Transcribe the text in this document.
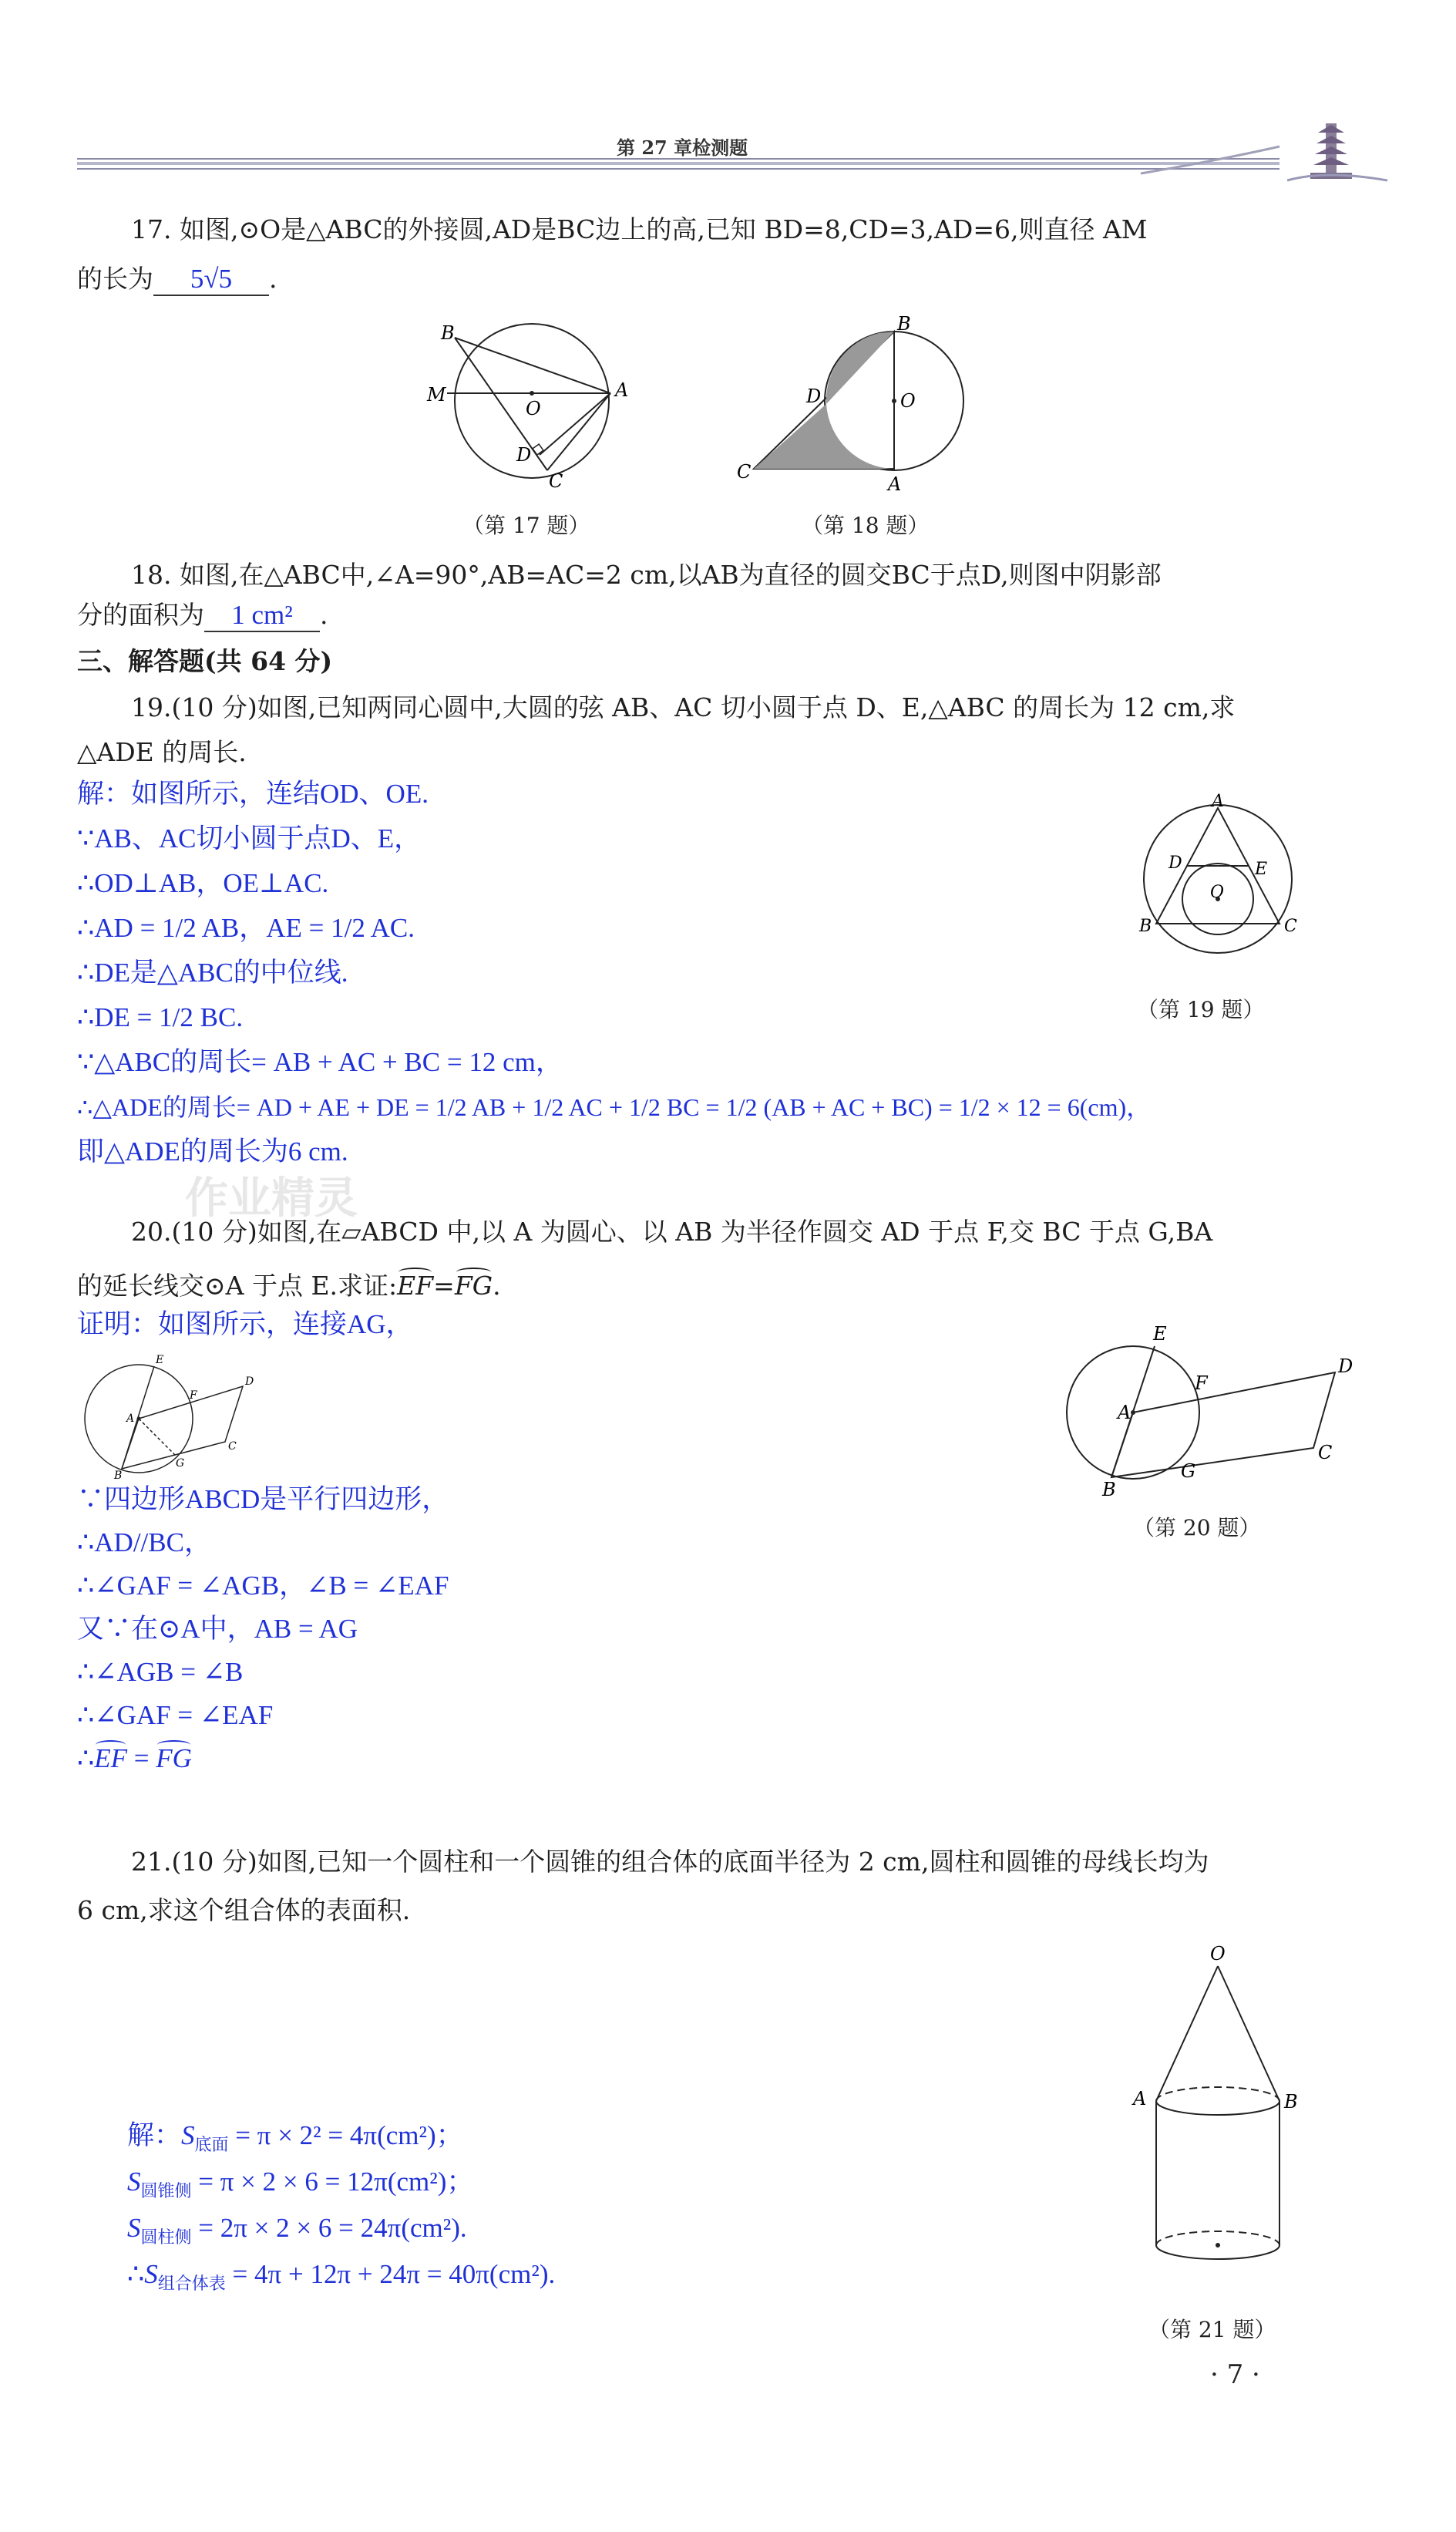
第 27 章检测题
17. 如图,⊙O是△ABC的外接圆,AD是BC边上的高,已知 BD=8,CD=3,AD=6,则直径 AM
的长为 5√5 .
B
M
O
A
D
C
（第 17 题）
B
D	O
C
A
（第 18 题）
18. 如图,在△ABC中,∠A=90°,AB=AC=2 cm,以AB为直径的圆交BC于点D,则图中阴影部
分的面积为 1 cm² .
三、解答题(共 64 分)
19.(10 分)如图,已知两同心圆中,大圆的弦 AB、AC 切小圆于点 D、E,△ABC 的周长为 12 cm,求
△ADE 的周长.
解：如图所示，连结OD、OE.
∵AB、AC切小圆于点D、E，
∴OD⊥AB，OE⊥AC.
∴AD = 1/2 AB，AE = 1/2 AC.
∴DE是△ABC的中位线.
∴DE = 1/2 BC.
∵△ABC的周长= AB + AC + BC = 12 cm，
∴△ADE的周长= AD + AE + DE = 1/2 AB + 1/2 AC + 1/2 BC = 1/2 (AB + AC + BC) = 1/2 × 12 = 6(cm)，
即△ADE的周长为6 cm.
A
D	E
O
B	C
（第 19 题）
作业精灵
20.(10 分)如图,在▱ABCD 中,以 A 为圆心、以 AB 为半径作圆交 AD 于点 F,交 BC 于点 G,BA
的延长线交⊙A 于点 E.求证:EF=FG.
证明：如图所示，连接AG，
E
F
D
A
C
G
B
E
F
D
A
C
G
B
（第 20 题）
∵四边形ABCD是平行四边形，
∴AD//BC，
∴∠GAF = ∠AGB，∠B = ∠EAF
又∵在⊙A中，AB = AG
∴∠AGB = ∠B
∴∠GAF = ∠EAF
∴EF = FG
21.(10 分)如图,已知一个圆柱和一个圆锥的组合体的底面半径为 2 cm,圆柱和圆锥的母线长均为
6 cm,求这个组合体的表面积.
解：$S_{底面} = \pi \times 2^2 = 4\pi(cm^2)$；
$S_{圆锥侧} = \pi \times 2 \times 6 = 12\pi(cm^2)$；
$S_{圆柱侧} = 2\pi \times 2 \times 6 = 24\pi(cm^2)$.
$\therefore S_{组合体表} = 4\pi + 12\pi + 24\pi = 40\pi(cm^2)$.
O
A	B
（第 21 题）
· 7 ·
